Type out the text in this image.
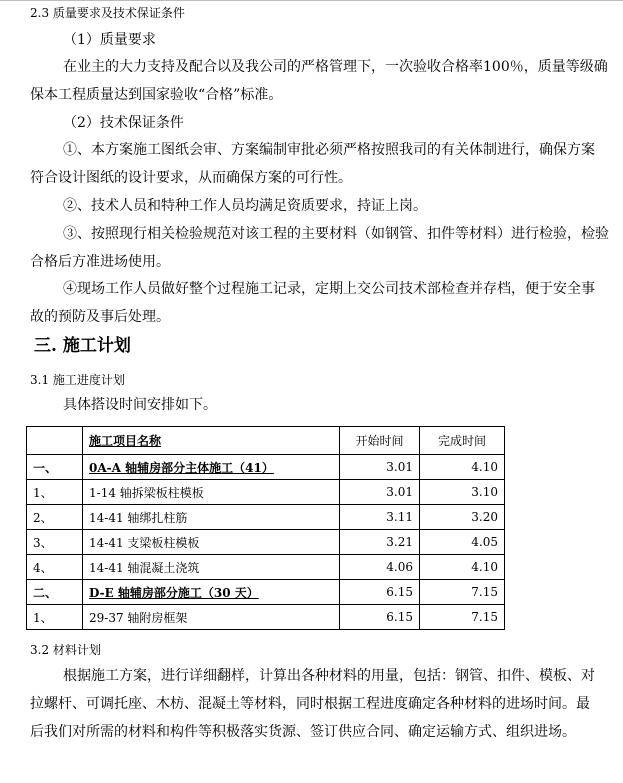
2.3 质量要求及技术保证条件
（1）质量要求
在业主的大力支持及配合以及我公司的严格管理下，一次验收合格率100％，质量等级确
保本工程质量达到国家验收“合格”标准。
（2）技术保证条件
①、本方案施工图纸会审、方案编制审批必须严格按照我司的有关体制进行，确保方案
符合设计图纸的设计要求，从而确保方案的可行性。
②、技术人员和特种工作人员均满足资质要求，持证上岗。
③、按照现行相关检验规范对该工程的主要材料（如钢管、扣件等材料）进行检验，检验
合格后方准进场使用。
④现场工作人员做好整个过程施工记录，定期上交公司技术部检查并存档，便于安全事
故的预防及事后处理。
三. 施工计划
3.1 施工进度计划
具体搭设时间安排如下。
	施工项目名称	开始时间	完成时间
一、	0A-A 轴辅房部分主体施工（41）	3.01	4.10
1、	1-14 轴拆梁板柱模板	3.01	3.10
2、	14-41 轴绑扎柱筋	3.11	3.20
3、	14-41 支梁板柱模板	3.21	4.05
4、	14-41 轴混凝土浇筑	4.06	4.10
二、	D-E 轴辅房部分施工（30 天）	6.15	7.15
1、	29-37 轴附房框架	6.15	7.15
3.2 材料计划
根据施工方案，进行详细翻样，计算出各种材料的用量，包括：钢管、扣件、模板、对
拉螺杆、可调托座、木枋、混凝土等材料，同时根据工程进度确定各种材料的进场时间。最
后我们对所需的材料和构件等积极落实货源、签订供应合同、确定运输方式、组织进场。
